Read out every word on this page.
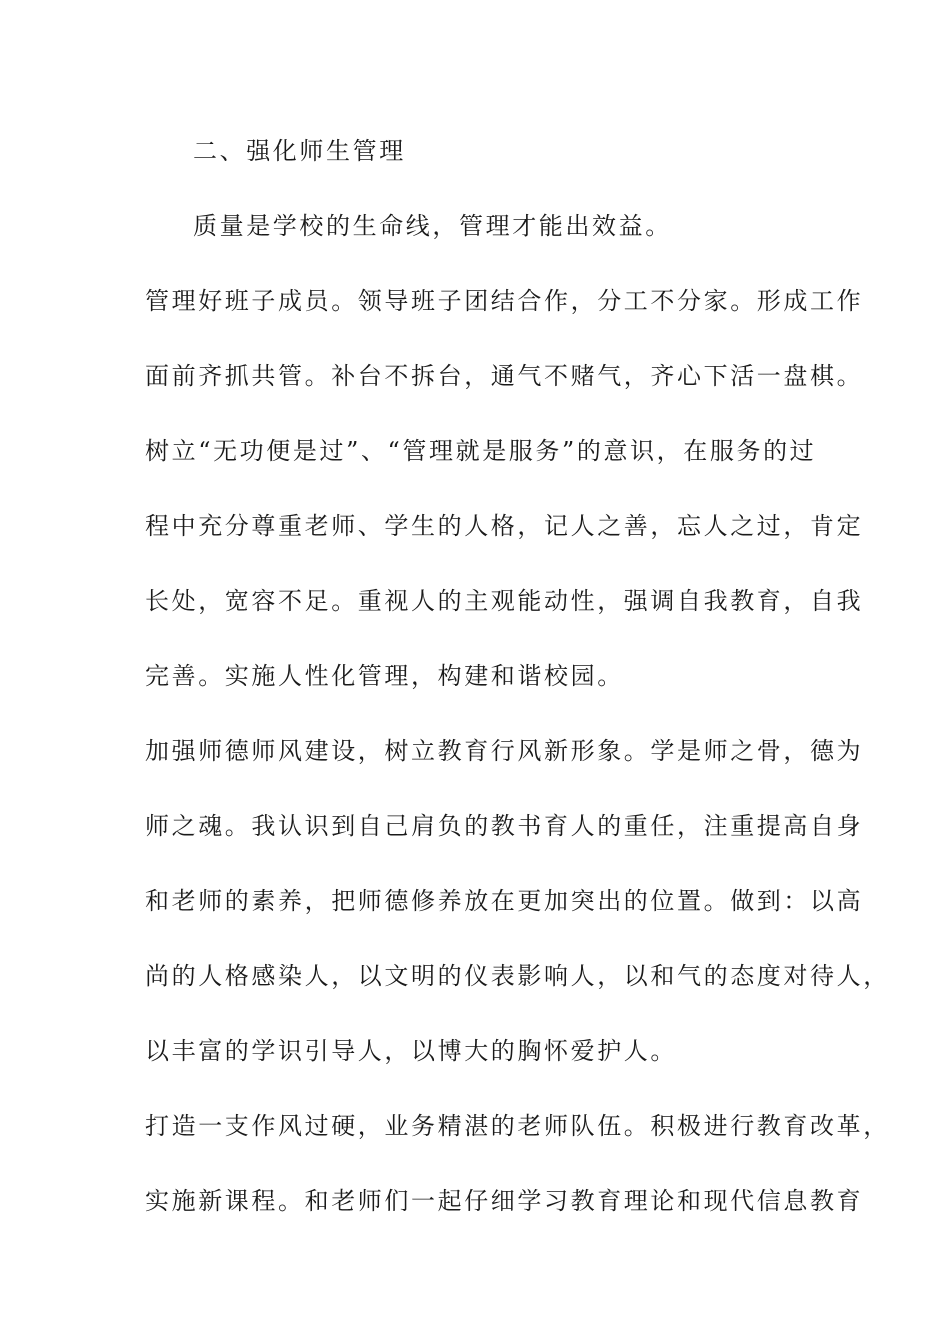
二、强化师生管理
质量是学校的生命线，管理才能出效益。
管理好班子成员。领导班子团结合作，分工不分家。形成工作
面前齐抓共管。补台不拆台，通气不赌气，齐心下活一盘棋。
树立“无功便是过”、“管理就是服务”的意识，在服务的过
程中充分尊重老师、学生的人格，记人之善，忘人之过，肯定
长处，宽容不足。重视人的主观能动性，强调自我教育，自我
完善。实施人性化管理，构建和谐校园。
加强师德师风建设，树立教育行风新形象。学是师之骨，德为
师之魂。我认识到自己肩负的教书育人的重任，注重提高自身
和老师的素养，把师德修养放在更加突出的位置。做到：以高
尚的人格感染人，以文明的仪表影响人，以和气的态度对待人，
以丰富的学识引导人，以博大的胸怀爱护人。
打造一支作风过硬，业务精湛的老师队伍。积极进行教育改革，
实施新课程。和老师们一起仔细学习教育理论和现代信息教育
